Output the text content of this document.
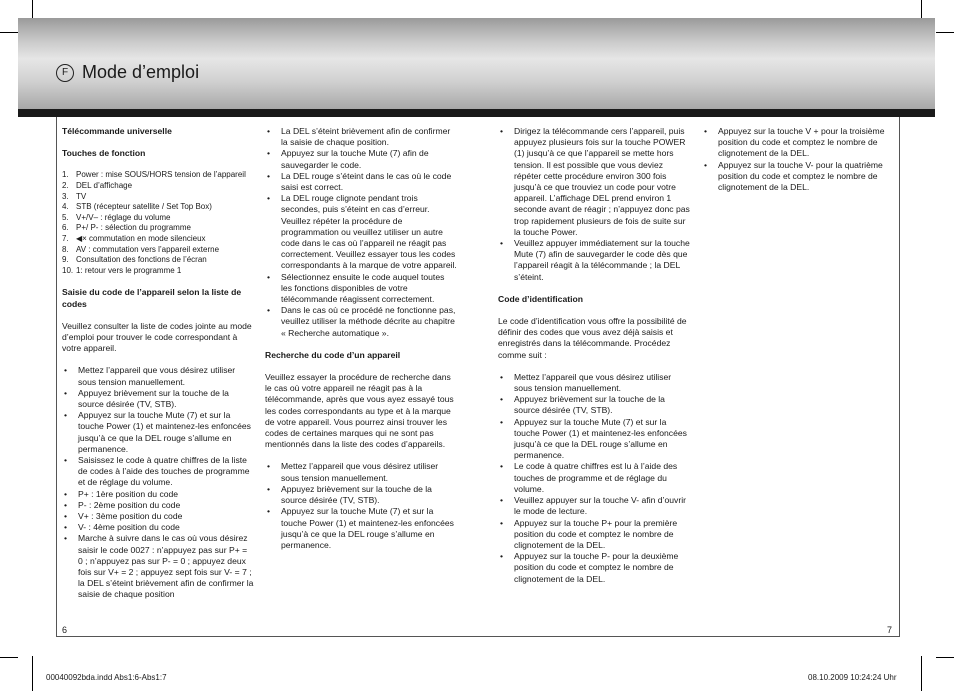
F Mode d’emploi

Télécommande universelle

Touches de fonction

1. Power : mise SOUS/HORS tension de l’appareil
2. DEL d’affichage
3. TV
4. STB (récepteur satellite / Set Top Box)
5. V+/V– : réglage du volume
6. P+/ P- : sélection du programme
7. ◀× commutation en mode silencieux
8. AV : commutation vers l’appareil externe
9. Consultation des fonctions de l’écran
10. 1: retour vers le programme 1

Saisie du code de l’appareil selon la liste de codes

Veuillez consulter la liste de codes jointe au mode d’emploi pour trouver le code correspondant à votre appareil.

• Mettez l’appareil que vous désirez utiliser sous tension manuellement.
• Appuyez brièvement sur la touche de la source désirée (TV, STB).
• Appuyez sur la touche Mute (7) et sur la touche Power (1) et maintenez-les enfoncées jusqu’à ce que la DEL rouge s’allume en permanence.
• Saisissez le code à quatre chiffres de la liste de codes à l’aide des touches de programme et de réglage du volume.
• P+ : 1ère position du code
• P- : 2ème position du code
• V+ : 3ème position du code
• V- : 4ème position du code
• Marche à suivre dans le cas où vous désirez saisir le code 0027 : n’appuyez pas sur P+ = 0 ; n’appuyez pas sur P- = 0 ; appuyez deux fois sur V+ = 2 ; appuyez sept fois sur V- = 7 ; la DEL s’éteint brièvement afin de confirmer la saisie de chaque position
• La DEL s’éteint brièvement afin de confirmer la saisie de chaque position.
• Appuyez sur la touche Mute (7) afin de sauvegarder le code.
• La DEL rouge s’éteint dans le cas où le code saisi est correct.
• La DEL rouge clignote pendant trois secondes, puis s’éteint en cas d’erreur. Veuillez répéter la procédure de programmation ou veuillez utiliser un autre code dans le cas où l’appareil ne réagit pas correctement. Veuillez essayer tous les codes correspondants à la marque de votre appareil.
• Sélectionnez ensuite le code auquel toutes les fonctions disponibles de votre télécommande réagissent correctement.
• Dans le cas où ce procédé ne fonctionne pas, veuillez utiliser la méthode décrite au chapitre « Recherche automatique ».

Recherche du code d’un appareil

Veuillez essayer la procédure de recherche dans le cas où votre appareil ne réagit pas à la télécommande, après que vous ayez essayé tous les codes correspondants au type et à la marque de votre appareil. Vous pourrez ainsi trouver les codes de certaines marques qui ne sont pas mentionnés dans la liste des codes d’appareils.

• Mettez l’appareil que vous désirez utiliser sous tension manuellement.
• Appuyez brièvement sur la touche de la source désirée (TV, STB).
• Appuyez sur la touche Mute (7) et sur la touche Power (1) et maintenez-les enfoncées jusqu’à ce que la DEL rouge s’allume en permanence.
• Dirigez la télécommande cers l’appareil, puis appuyez plusieurs fois sur la touche POWER (1) jusqu’à ce que l’appareil se mette hors tension. Il est possible que vous deviez répéter cette procédure environ 300 fois jusqu’à ce que trouviez un code pour votre appareil. L’affichage DEL prend environ 1 seconde avant de réagir ; n’appuyez donc pas trop rapidement plusieurs de fois de suite sur la touche Power.
• Veuillez appuyer immédiatement sur la touche Mute (7) afin de sauvegarder le code dès que l’appareil réagit à la télécommande ; la DEL s’éteint.

Code d’identification

Le code d’identification vous offre la possibilité de définir des codes que vous avez déjà saisis et enregistrés dans la télécommande. Procédez comme suit :

• Mettez l’appareil que vous désirez utiliser sous tension manuellement.
• Appuyez brièvement sur la touche de la source désirée (TV, STB).
• Appuyez sur la touche Mute (7) et sur la touche Power (1) et maintenez-les enfoncées jusqu’à ce que la DEL rouge s’allume en permanence.
• Le code à quatre chiffres est lu à l’aide des touches de programme et de réglage du volume.
• Veuillez appuyer sur la touche V- afin d’ouvrir le mode de lecture.
• Appuyez sur la touche P+ pour la première position du code et comptez le nombre de clignotement de la DEL.
• Appuyez sur la touche P- pour la deuxième position du code et comptez le nombre de clignotement de la DEL.
• Appuyez sur la touche V + pour la troisième position du code et comptez le nombre de clignotement de la DEL.
• Appuyez sur la touche V- pour la quatrième position du code et comptez le nombre de clignotement de la DEL.
6	7
00040092bda.indd Abs1:6-Abs1:7	08.10.2009 10:24:24 Uhr
